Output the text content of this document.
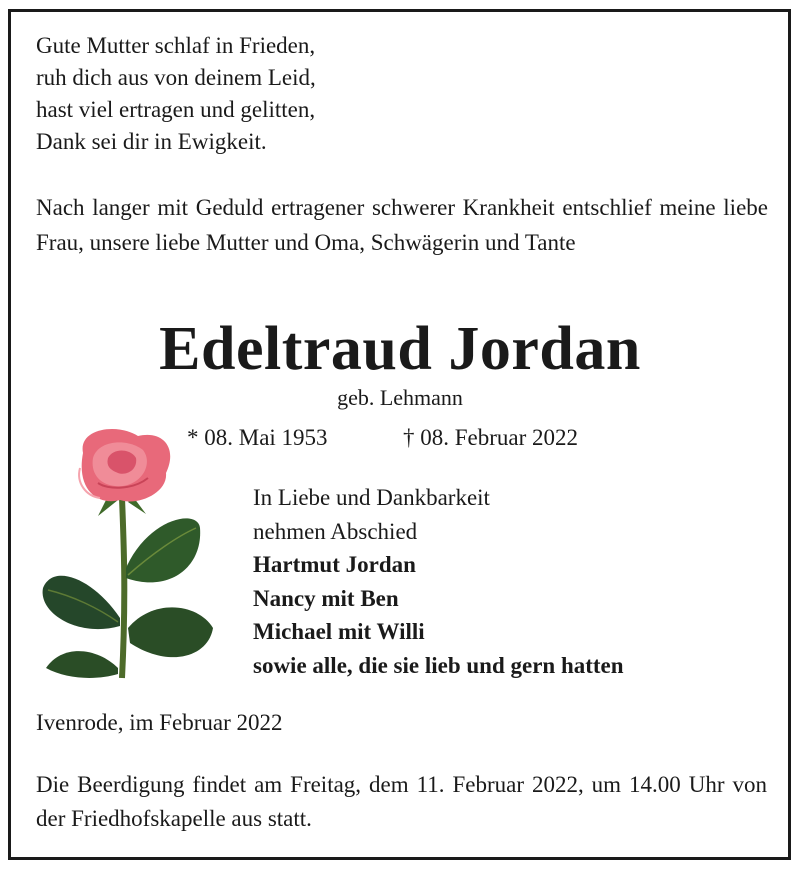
Gute Mutter schlaf in Frieden,
ruh dich aus von deinem Leid,
hast viel ertragen und gelitten,
Dank sei dir in Ewigkeit.
Nach langer mit Geduld ertragener schwerer Krankheit entschlief meine liebe Frau, unsere liebe Mutter und Oma, Schwägerin und Tante
Edeltraud Jordan
geb. Lehmann
* 08. Mai 1953	† 08. Februar 2022
In Liebe und Dankbarkeit
nehmen Abschied
Hartmut Jordan
Nancy mit Ben
Michael mit Willi
sowie alle, die sie lieb und gern hatten
Ivenrode, im Februar 2022
Die Beerdigung findet am Freitag, dem 11. Februar 2022, um 14.00 Uhr von der Friedhofskapelle aus statt.
